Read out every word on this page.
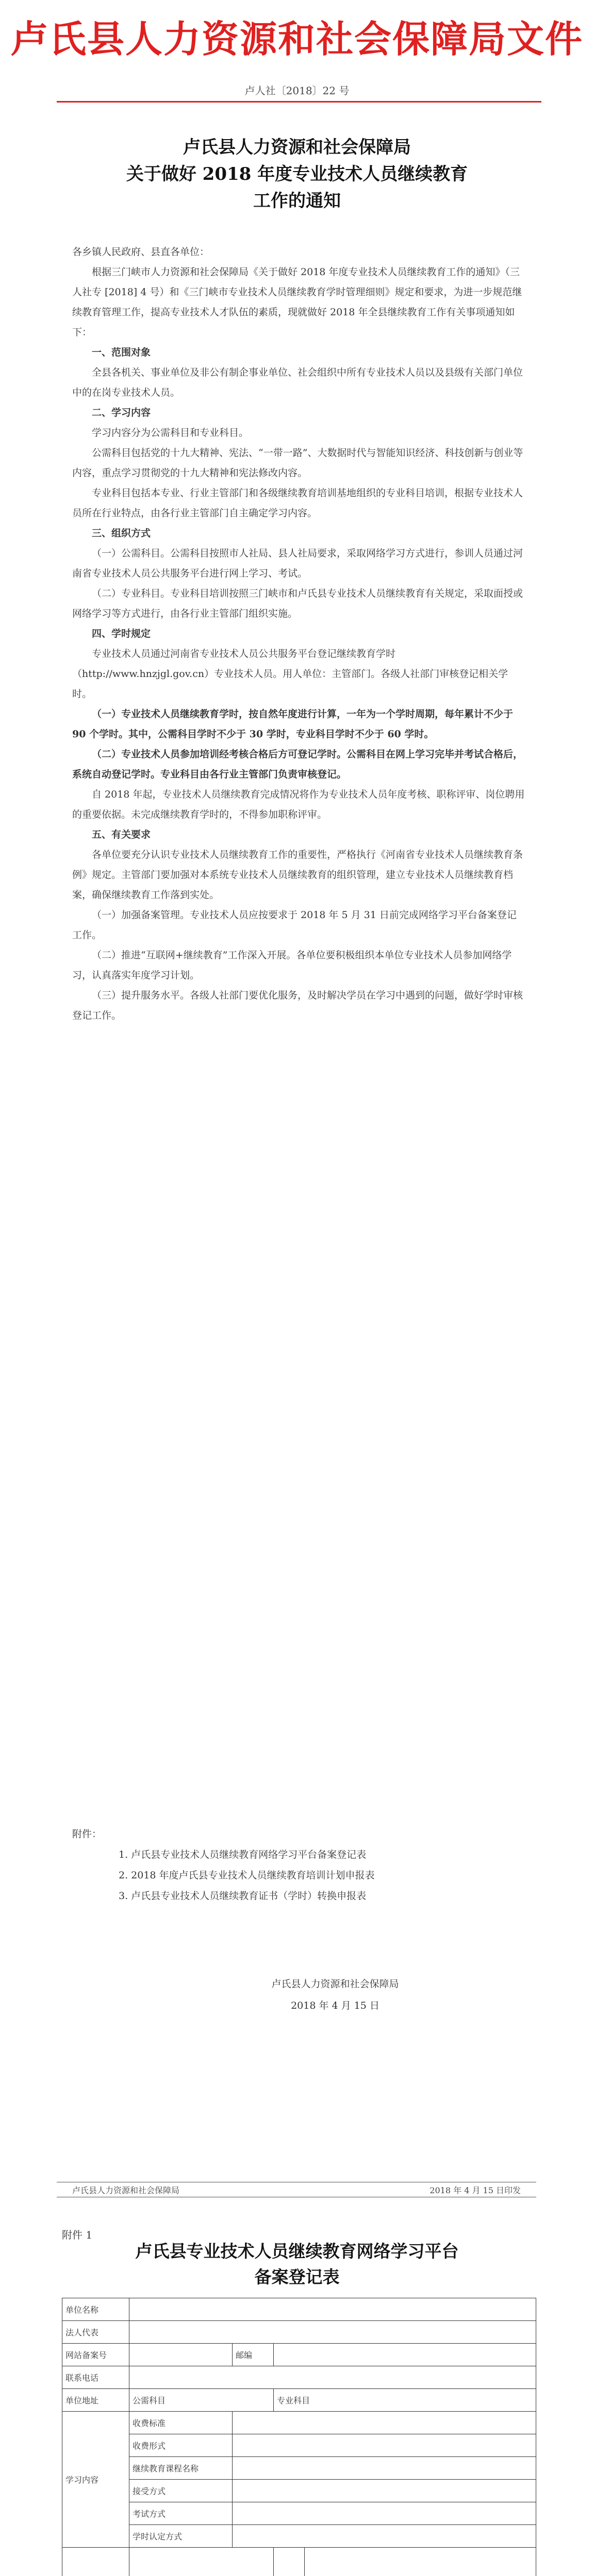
卢氏县人力资源和社会保障局文件
卢人社〔2018〕22 号
卢氏县人力资源和社会保障局
关于做好 2018 年度专业技术人员继续教育
工作的通知

各乡镇人民政府、县直各单位：

根据三门峡市人力资源和社会保障局《关于做好 2018 年度专业技术人员继续教育工作的通知》（三人社专 [2018] 4 号）和《三门峡市专业技术人员继续教育学时管理细则》规定和要求，为进一步规范继续教育管理工作，提高专业技术人才队伍的素质，现就做好 2018 年全县继续教育工作有关事项通知如下：

一、范围对象

全县各机关、事业单位及非公有制企事业单位、社会组织中所有专业技术人员以及县级有关部门单位中的在岗专业技术人员。

二、学习内容

学习内容分为公需科目和专业科目。

公需科目包括党的十九大精神、宪法、“一带一路”、大数据时代与智能知识经济、科技创新与创业等内容，重点学习贯彻党的十九大精神和宪法修改内容。

专业科目包括本专业、行业主管部门和各级继续教育培训基地组织的专业科目培训，根据专业技术人员所在行业特点，由各行业主管部门自主确定学习内容。

三、组织方式

（一）公需科目。公需科目按照市人社局、县人社局要求，采取网络学习方式进行，参训人员通过河南省专业技术人员公共服务平台进行网上学习、考试。

（二）专业科目。专业科目培训按照三门峡市和卢氏县专业技术人员继续教育有关规定，采取面授或网络学习等方式进行，由各行业主管部门组织实施。

四、学时规定

专业技术人员通过河南省专业技术人员公共服务平台登记继续教育学时（http://www.hnzjgl.gov.cn）专业技术人员。用人单位：主管部门。各级人社部门审核登记相关学时。

（一）专业技术人员继续教育学时，按自然年度进行计算，一年为一个学时周期，每年累计不少于 90 个学时。其中，公需科目学时不少于 30 学时，专业科目学时不少于 60 学时。

（二）专业技术人员参加培训经考核合格后方可登记学时。公需科目在网上学习完毕并考试合格后，系统自动登记学时。专业科目由各行业主管部门负责审核登记。

自 2018 年起，专业技术人员继续教育完成情况将作为专业技术人员年度考核、职称评审、岗位聘用的重要依据。未完成继续教育学时的，不得参加职称评审。

五、有关要求

各单位要充分认识专业技术人员继续教育工作的重要性，严格执行《河南省专业技术人员继续教育条例》规定。主管部门要加强对本系统专业技术人员继续教育的组织管理，建立专业技术人员继续教育档案，确保继续教育工作落到实处。

（一）加强备案管理。专业技术人员应按要求于 2018 年 5 月 31 日前完成网络学习平台备案登记工作。

（二）推进“互联网+继续教育”工作深入开展。各单位要积极组织本单位专业技术人员参加网络学习，认真落实年度学习计划。

（三）提升服务水平。各级人社部门要优化服务，及时解决学员在学习中遇到的问题，做好学时审核登记工作。

附件：
1. 卢氏县专业技术人员继续教育网络学习平台备案登记表
2. 2018 年度卢氏县专业技术人员继续教育培训计划申报表
3. 卢氏县专业技术人员继续教育证书（学时）转换申报表
卢氏县人力资源和社会保障局
2018 年 4 月 15 日
卢氏县人力资源和社会保障局	2018 年 4 月 15 日印发
附件 1
卢氏县专业技术人员继续教育网络学习平台
备案登记表
单位名称				
法人代表				
网站备案号		邮编		
联系电话				
单位地址	公需科目		专业科目	
学习内容	收费标准			
	收费形式			
	继续教育课程名称			
	接受方式			
	考试方式			
	学时认定方式			
